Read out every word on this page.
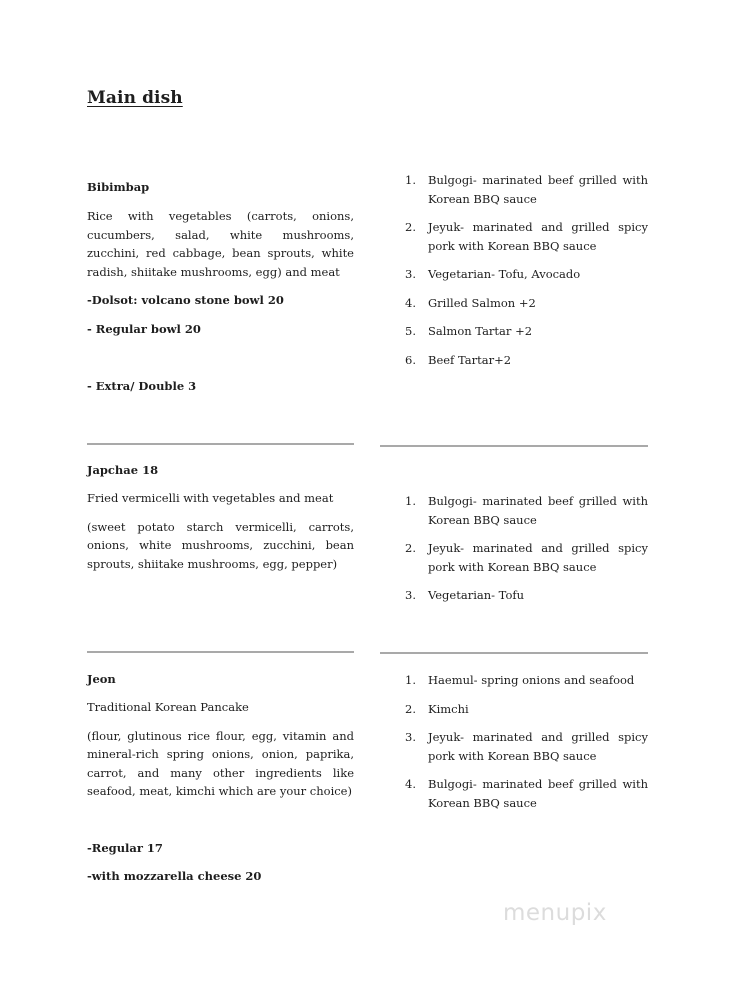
Main dish
Bibimbap
Rice with vegetables (carrots, onions, cucumbers, salad, white mushrooms, zucchini, red cabbage, bean sprouts, white radish, shiitake mushrooms, egg) and meat
-Dolsot: volcano stone bowl 20
- Regular bowl 20
- Extra/ Double 3
1. Bulgogi- marinated beef grilled with Korean BBQ sauce
2. Jeyuk- marinated and grilled spicy pork with Korean BBQ sauce
3. Vegetarian- Tofu, Avocado
4. Grilled Salmon +2
5. Salmon Tartar +2
6. Beef Tartar+2
Japchae 18
Fried vermicelli with vegetables and meat
(sweet potato starch vermicelli, carrots, onions, white mushrooms, zucchini, bean sprouts, shiitake mushrooms, egg, pepper)
1. Bulgogi- marinated beef grilled with Korean BBQ sauce
2. Jeyuk- marinated and grilled spicy pork with Korean BBQ sauce
3. Vegetarian- Tofu
Jeon
Traditional Korean Pancake
(flour, glutinous rice flour, egg, vitamin and mineral-rich spring onions, onion, paprika, carrot, and many other ingredients like seafood, meat, kimchi which are your choice)
-Regular 17
-with mozzarella cheese 20
1. Haemul- spring onions and seafood
2. Kimchi
3. Jeyuk- marinated and grilled spicy pork with Korean BBQ sauce
4. Bulgogi- marinated beef grilled with Korean BBQ sauce
menupix
